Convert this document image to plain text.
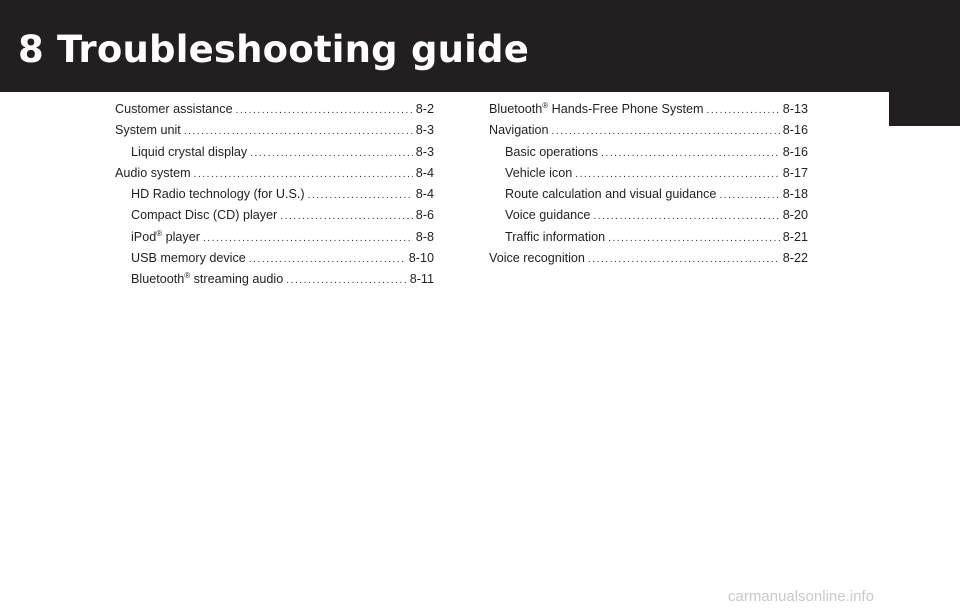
8 Troubleshooting guide
Customer assistance . . .	8-2
System unit . . .	8-3
Liquid crystal display . . .	8-3
Audio system . . .	8-4
HD Radio technology (for U.S.) . . .	8-4
Compact Disc (CD) player . . .	8-6
iPod® player . . .	8-8
USB memory device . . .	8-10
Bluetooth® streaming audio . . .	8-11
Bluetooth® Hands-Free Phone System . . .	8-13
Navigation . . .	8-16
Basic operations . . .	8-16
Vehicle icon . . .	8-17
Route calculation and visual guidance . . .	8-18
Voice guidance . . .	8-20
Traffic information . . .	8-21
Voice recognition . . .	8-22
carmanualsonline.info
